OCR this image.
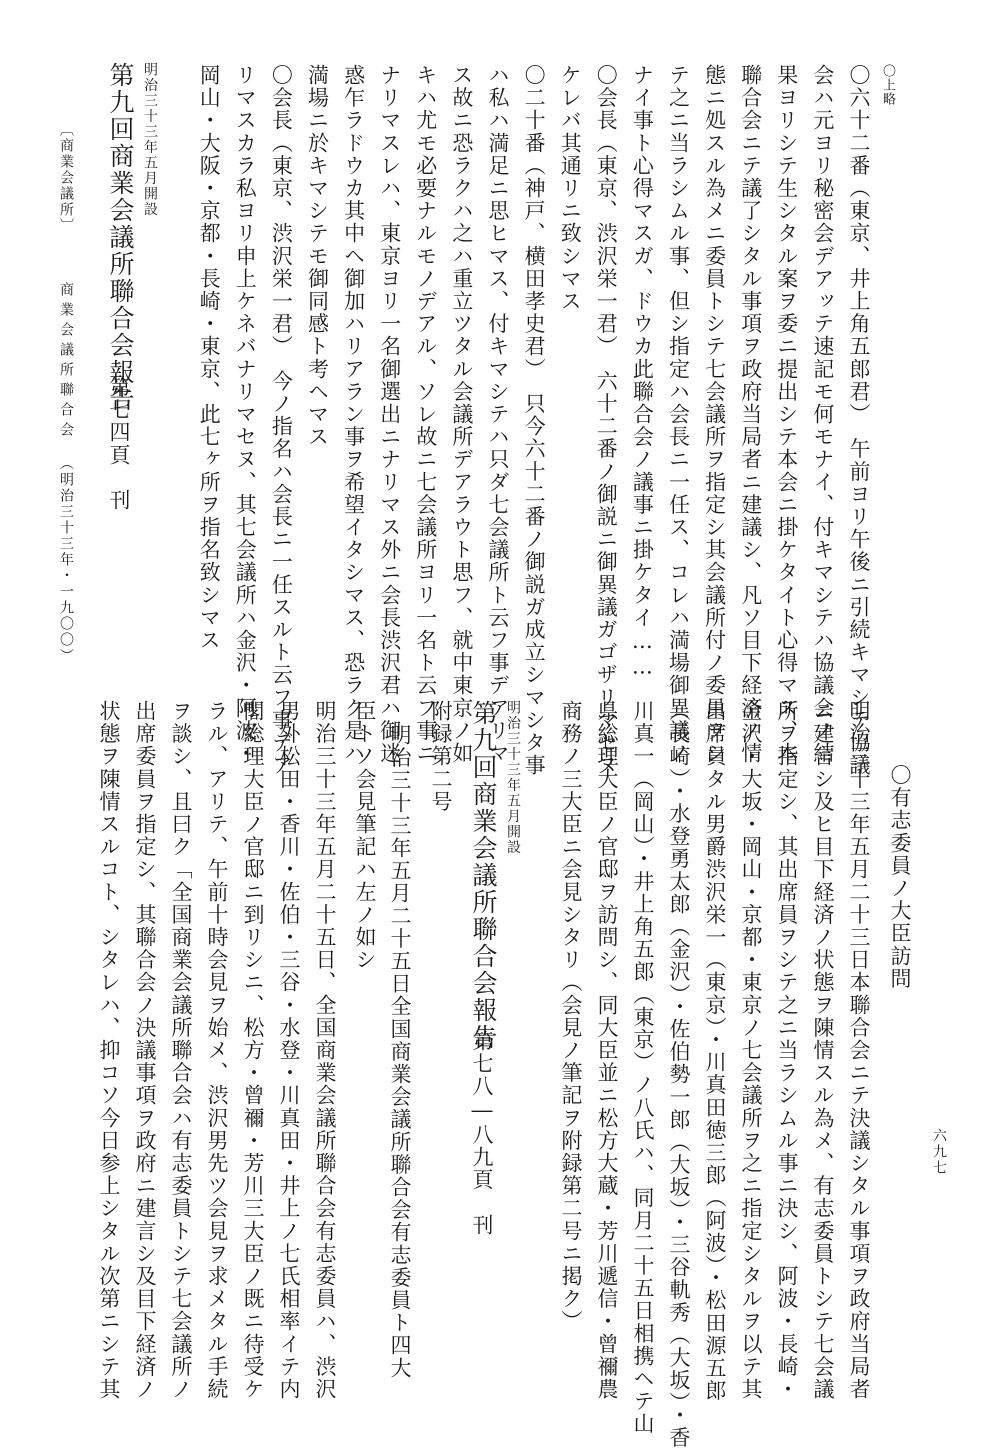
〇上略
〇六十二番（東京、井上角五郎君）　午前ヨリ午後ニ引続キマシテ協議
会ハ元ヨリ秘密会デアッテ速記モ何モナイ、付キマシテハ協議会ノ結
果ヨリシテ生シタル案ヲ委ニ提出シテ本会ニ掛ケタイト心得マス、本
聯合会ニテ議了シタル事項ヲ政府当局者ニ建議シ、凡ソ目下経済ノ情
態ニ処スル為メニ委員トシテ七会議所ヲ指定シ其会議所付ノ委員ヲシ
テ之ニ当ラシムル事、但シ指定ハ会長ニ一任ス、コレハ満場御異議ノ
ナイ事ト心得マスガ、ドウカ此聯合会ノ議事ニ掛ケタイ……
〇会長（東京、渋沢栄一君）　六十二番ノ御説ニ御異議ガゴザリマセヌ
ケレバ其通リニ致シマス
〇二十番（神戸、横田孝史君）　只今六十二番ノ御説ガ成立シマシタ事
ハ私ハ満足ニ思ヒマス、付キマシテハ只ダ七会議所ト云フ事デアリマ
ス故ニ恐ラクハ之ハ重立ツタル会議所デアラウト思フ、就中東京ノ如
キハ尤モ必要ナルモノデアル、ソレ故ニ七会議所ヨリ一名ト云フ事ニ
ナリマスレハ、東京ヨリ一名御選出ニナリマス外ニ会長渋沢君ハ御迷
惑乍ラドウカ其中ヘ御加ハリアラン事ヲ希望イタシマス、恐ラク是ハ
満場ニ於キマシテモ御同感ト考ヘマス
〇会長（東京、渋沢栄一君）　今ノ指名ハ会長ニ一任スルト云フ事デア
リマスカラ私ヨリ申上ケネバナリマセヌ、其七会議所ハ金沢・阿波・
岡山・大阪・京都・長崎・東京、此七ヶ所ヲ指名致シマス
明治三十三年五月開設
第九回商業会議所聯合会報告
第七四頁　刊
〇有志委員ノ大臣訪問
明治三十三年五月二十三日本聯合会ニテ決議シタル事項ヲ政府当局者
ニ建言シ及ヒ目下経済ノ状態ヲ陳情スル為メ、有志委員トシテ七会議
所ヲ指定シ、其出席員ヲシテ之ニ当ラシムル事ニ決シ、阿波・長崎・
金沢・大坂・岡山・京都・東京ノ七会議所ヲ之ニ指定シタルヲ以テ其
出席員タル男爵渋沢栄一（東京）・川真田徳三郎（阿波）・松田源五郎
（長崎）・水登勇太郎（金沢）・佐伯勢一郎（大坂）・三谷軌秀（大坂）・香
川真一（岡山）・井上角五郎（東京）ノ八氏ハ、同月二十五日相携ヘテ山
県総理大臣ノ官邸ヲ訪問シ、同大臣並ニ松方大蔵・芳川遞信・曾禰農
商務ノ三大臣ニ会見シタリ（会見ノ筆記ヲ附録第二号ニ掲ク）
明治三十三年五月開設
第九回商業会議所聯合会報告
第七八―八九頁　刊
附録第二号
明治三十三年五月二十五日全国商業会議所聯合会有志委員ト四大
臣トノ会見筆記ハ左ノ如シ
明治三十三年五月二十五日、全国商業会議所聯合会有志委員ハ、渋沢
男外松田・香川・佐伯・三谷・水登・川真田・井上ノ七氏相率イテ内
閣総理大臣ノ官邸ニ到リシニ、松方・曾禰・芳川三大臣ノ既ニ待受ケ
ラル、アリテ、午前十時会見ヲ始メ、渋沢男先ツ会見ヲ求メタル手続
ヲ談シ、且曰ク「全国商業会議所聯合会ハ有志委員トシテ七会議所ノ
出席委員ヲ指定シ、其聯合会ノ決議事項ヲ政府ニ建言シ及目下経済ノ
状態ヲ陳情スルコト、シタレハ、抑コソ今日参上シタル次第ニシテ其
〔商業会議所〕
商業会議所聯合会
（明治三十三年・一九〇〇）
六九七
